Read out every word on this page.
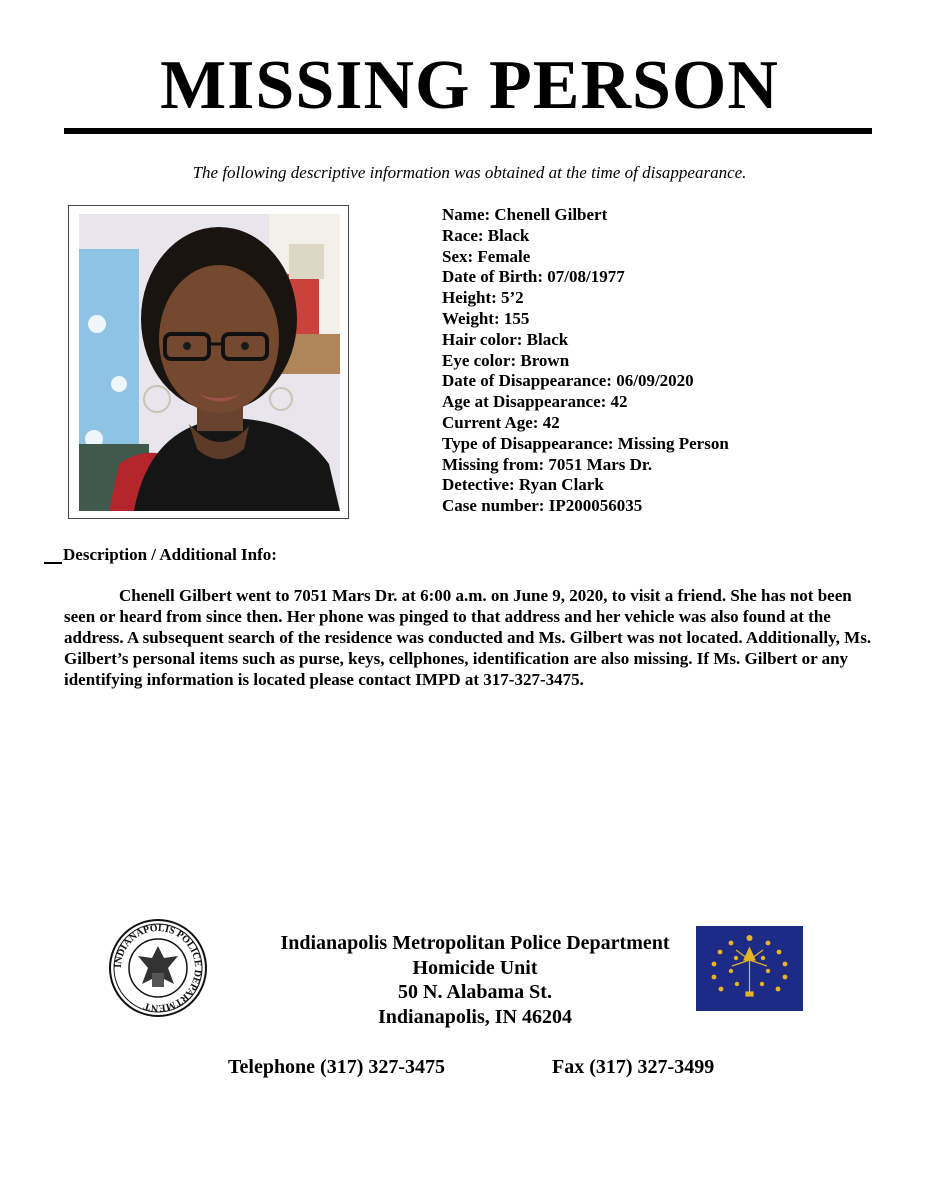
MISSING PERSON
The following descriptive information was obtained at the time of disappearance.
Name: Chenell Gilbert
Race: Black
Sex: Female
Date of Birth: 07/08/1977
Height: 5’2
Weight: 155
Hair color: Black
Eye color: Brown
Date of Disappearance: 06/09/2020
Age at Disappearance: 42
Current Age: 42
Type of Disappearance: Missing Person
Missing from: 7051 Mars Dr.
Detective: Ryan Clark
Case number: IP200056035
Description / Additional Info:
Chenell Gilbert went to 7051 Mars Dr. at 6:00 a.m. on June 9, 2020, to visit a friend. She has not been seen or heard from since then. Her phone was pinged to that address and her vehicle was also found at the address. A subsequent search of the residence was conducted and Ms. Gilbert was not located. Additionally, Ms. Gilbert’s personal items such as purse, keys, cellphones, identification are also missing. If Ms. Gilbert or any identifying information is located please contact IMPD at 317-327-3475.
INDIANAPOLIS POLICE DEPARTMENT
Indianapolis Metropolitan Police Department
Homicide Unit
50 N. Alabama St.
Indianapolis, IN 46204
Telephone (317) 327-3475	Fax (317) 327-3499
